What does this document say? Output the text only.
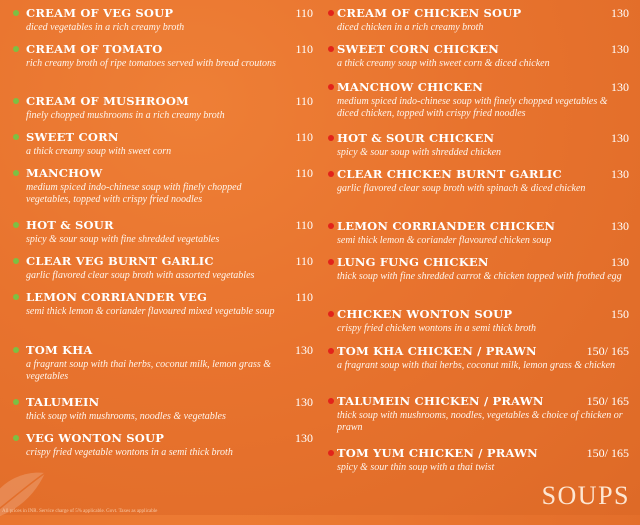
CREAM OF VEG SOUP	110
diced vegetables in a rich creamy broth
CREAM OF TOMATO	110
rich creamy broth of ripe tomatoes served with bread croutons
CREAM OF MUSHROOM	110
finely chopped mushrooms in a rich creamy broth
SWEET CORN	110
a thick creamy soup with sweet corn
MANCHOW	110
medium spiced indo-chinese soup with finely chopped vegetables, topped with crispy fried noodles
HOT & SOUR	110
spicy & sour soup with fine shredded vegetables
CLEAR VEG BURNT GARLIC	110
garlic flavored clear soup broth with assorted vegetables
LEMON CORRIANDER VEG	110
semi thick lemon & coriander flavoured mixed vegetable soup
TOM KHA	130
a fragrant soup with thai herbs, coconut milk, lemon grass & vegetables
TALUMEIN	130
thick soup with mushrooms, noodles & vegetables
VEG WONTON SOUP	130
crispy fried vegetable wontons in a semi thick broth
CREAM OF CHICKEN SOUP	130
diced chicken in a rich creamy broth
SWEET CORN CHICKEN	130
a thick creamy soup with sweet corn & diced chicken
MANCHOW CHICKEN	130
medium spiced indo-chinese soup with finely chopped vegetables & diced chicken, topped with crispy fried noodles
HOT & SOUR CHICKEN	130
spicy & sour soup with shredded chicken
CLEAR CHICKEN BURNT GARLIC	130
garlic flavored clear soup broth with spinach & diced chicken
LEMON CORRIANDER CHICKEN	130
semi thick lemon & coriander flavoured chicken soup
LUNG FUNG CHICKEN	130
thick soup with fine shredded carrot & chicken topped with frothed egg
CHICKEN WONTON SOUP	150
crispy fried chicken wontons in a semi thick broth
TOM KHA CHICKEN / PRAWN	150/ 165
a fragrant soup with thai herbs, coconut milk, lemon grass & chicken
TALUMEIN CHICKEN / PRAWN	150/ 165
thick soup with mushrooms, noodles, vegetables & choice of chicken or prawn
TOM YUM CHICKEN / PRAWN	150/ 165
spicy & sour thin soup with a thai twist
SOUPS
All prices in INR. Service charge of 5% applicable. Govt. Taxes as applicable
